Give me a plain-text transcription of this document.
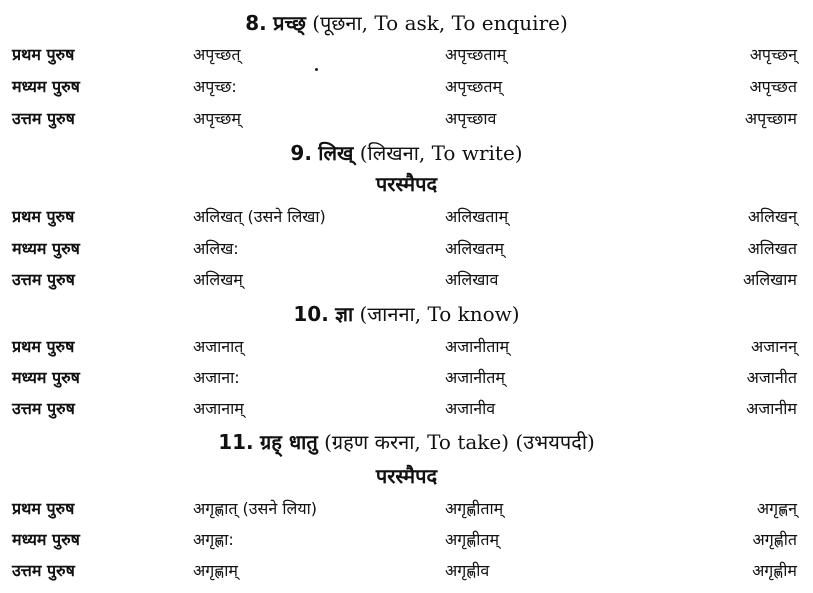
8. प्रच्छ् (पूछना, To ask, To enquire)
प्रथम पुरुष	अपृच्छत्	अपृच्छताम्	अपृच्छन्
मध्यम पुरुष	अपृच्छ:	अपृच्छतम्	अपृच्छत
उत्तम पुरुष	अपृच्छम्	अपृच्छाव	अपृच्छाम
9. लिख् (लिखना, To write)
परस्मैपद
प्रथम पुरुष	अलिखत् (उसने लिखा)	अलिखताम्	अलिखन्
मध्यम पुरुष	अलिख:	अलिखतम्	अलिखत
उत्तम पुरुष	अलिखम्	अलिखाव	अलिखाम
10. ज्ञा (जानना, To know)
प्रथम पुरुष	अजानात्	अजानीताम्	अजानन्
मध्यम पुरुष	अजाना:	अजानीतम्	अजानीत
उत्तम पुरुष	अजानाम्	अजानीव	अजानीम
11. ग्रह् धातु (ग्रहण करना, To take) (उभयपदी)
परस्मैपद
प्रथम पुरुष	अगृह्णात् (उसने लिया)	अगृह्णीताम्	अगृह्णन्
मध्यम पुरुष	अगृह्णा:	अगृह्णीतम्	अगृह्णीत
उत्तम पुरुष	अगृह्णाम्	अगृह्णीव	अगृह्णीम
